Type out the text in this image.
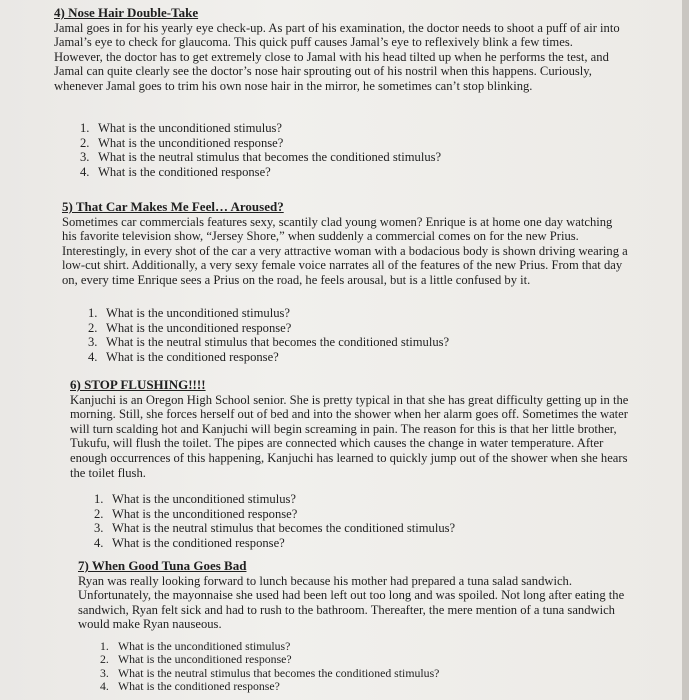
4) Nose Hair Double-Take

Jamal goes in for his yearly eye check-up. As part of his examination, the doctor needs to shoot a puff of air into
Jamal’s eye to check for glaucoma. This quick puff causes Jamal’s eye to reflexively blink a few times.
However, the doctor has to get extremely close to Jamal with his head tilted up when he performs the test, and
Jamal can quite clearly see the doctor’s nose hair sprouting out of his nostril when this happens. Curiously,
whenever Jamal goes to trim his own nose hair in the mirror, he sometimes can’t stop blinking.

1. What is the unconditioned stimulus?
2. What is the unconditioned response?
3. What is the neutral stimulus that becomes the conditioned stimulus?
4. What is the conditioned response?

5) That Car Makes Me Feel… Aroused?

Sometimes car commercials features sexy, scantily clad young women? Enrique is at home one day watching
his favorite television show, “Jersey Shore,” when suddenly a commercial comes on for the new Prius.
Interestingly, in every shot of the car a very attractive woman with a bodacious body is shown driving wearing a
low-cut shirt. Additionally, a very sexy female voice narrates all of the features of the new Prius. From that day
on, every time Enrique sees a Prius on the road, he feels arousal, but is a little confused by it.

1. What is the unconditioned stimulus?
2. What is the unconditioned response?
3. What is the neutral stimulus that becomes the conditioned stimulus?
4. What is the conditioned response?

6) STOP FLUSHING!!!!

Kanjuchi is an Oregon High School senior. She is pretty typical in that she has great difficulty getting up in the
morning. Still, she forces herself out of bed and into the shower when her alarm goes off. Sometimes the water
will turn scalding hot and Kanjuchi will begin screaming in pain. The reason for this is that her little brother,
Tukufu, will flush the toilet. The pipes are connected which causes the change in water temperature. After
enough occurrences of this happening, Kanjuchi has learned to quickly jump out of the shower when she hears
the toilet flush.

1. What is the unconditioned stimulus?
2. What is the unconditioned response?
3. What is the neutral stimulus that becomes the conditioned stimulus?
4. What is the conditioned response?

7) When Good Tuna Goes Bad

Ryan was really looking forward to lunch because his mother had prepared a tuna salad sandwich.
Unfortunately, the mayonnaise she used had been left out too long and was spoiled. Not long after eating the
sandwich, Ryan felt sick and had to rush to the bathroom. Thereafter, the mere mention of a tuna sandwich
would make Ryan nauseous.

1. What is the unconditioned stimulus?
2. What is the unconditioned response?
3. What is the neutral stimulus that becomes the conditioned stimulus?
4. What is the conditioned response?
